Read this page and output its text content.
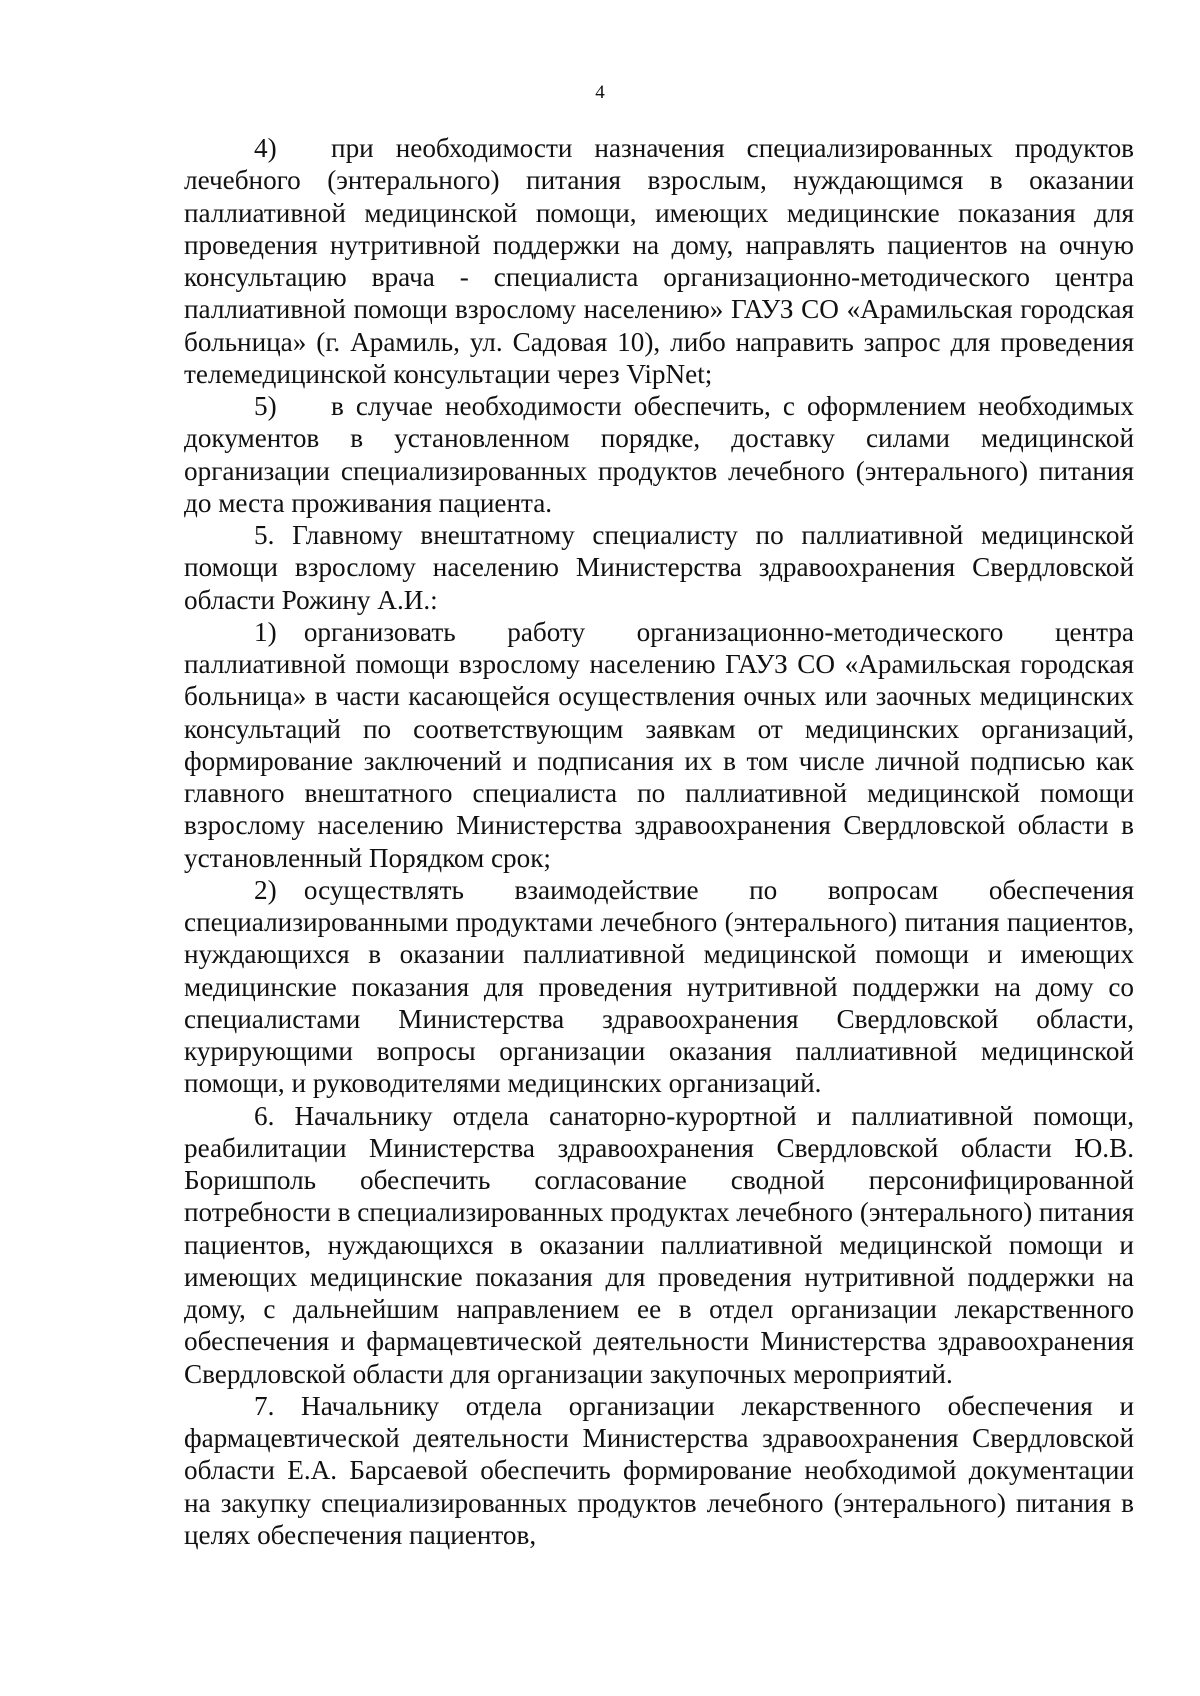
4

4)  при необходимости назначения специализированных продуктов лечебного (энтерального) питания взрослым, нуждающимся в оказании паллиативной медицинской помощи, имеющих медицинские показания для проведения нутритивной поддержки на дому, направлять пациентов на очную консультацию врача - специалиста организационно-методического центра паллиативной помощи взрослому населению» ГАУЗ СО «Арамильская городская больница» (г. Арамиль, ул. Садовая 10), либо направить запрос для проведения телемедицинской консультации через VipNet;

5)  в случае необходимости обеспечить, с оформлением необходимых документов в установленном порядке, доставку силами медицинской организации специализированных продуктов лечебного (энтерального) питания до места проживания пациента.

5. Главному внештатному специалисту по паллиативной медицинской помощи взрослому населению Министерства здравоохранения Свердловской области Рожину А.И.:

1) организовать работу организационно-методического центра паллиативной помощи взрослому населению ГАУЗ СО «Арамильская городская больница» в части касающейся осуществления очных или заочных медицинских консультаций по соответствующим заявкам от медицинских организаций, формирование заключений и подписания их в том числе личной подписью как главного внештатного специалиста по паллиативной медицинской помощи взрослому населению Министерства здравоохранения Свердловской области в установленный Порядком срок;

2) осуществлять взаимодействие по вопросам обеспечения специализированными продуктами лечебного (энтерального) питания пациентов, нуждающихся в оказании паллиативной медицинской помощи и имеющих медицинские показания для проведения нутритивной поддержки на дому со специалистами Министерства здравоохранения Свердловской области, курирующими вопросы организации оказания паллиативной медицинской помощи, и руководителями медицинских организаций.

6. Начальнику отдела санаторно-курортной и паллиативной помощи, реабилитации Министерства здравоохранения Свердловской области Ю.В. Боришполь обеспечить согласование сводной персонифицированной потребности в специализированных продуктах лечебного (энтерального) питания пациентов, нуждающихся в оказании паллиативной медицинской помощи и имеющих медицинские показания для проведения нутритивной поддержки на дому, с дальнейшим направлением ее в отдел организации лекарственного обеспечения и фармацевтической деятельности Министерства здравоохранения Свердловской области для организации закупочных мероприятий.

7. Начальнику отдела организации лекарственного обеспечения и фармацевтической деятельности Министерства здравоохранения Свердловской области Е.А. Барсаевой обеспечить формирование необходимой документации на закупку специализированных продуктов лечебного (энтерального) питания в целях обеспечения пациентов,
